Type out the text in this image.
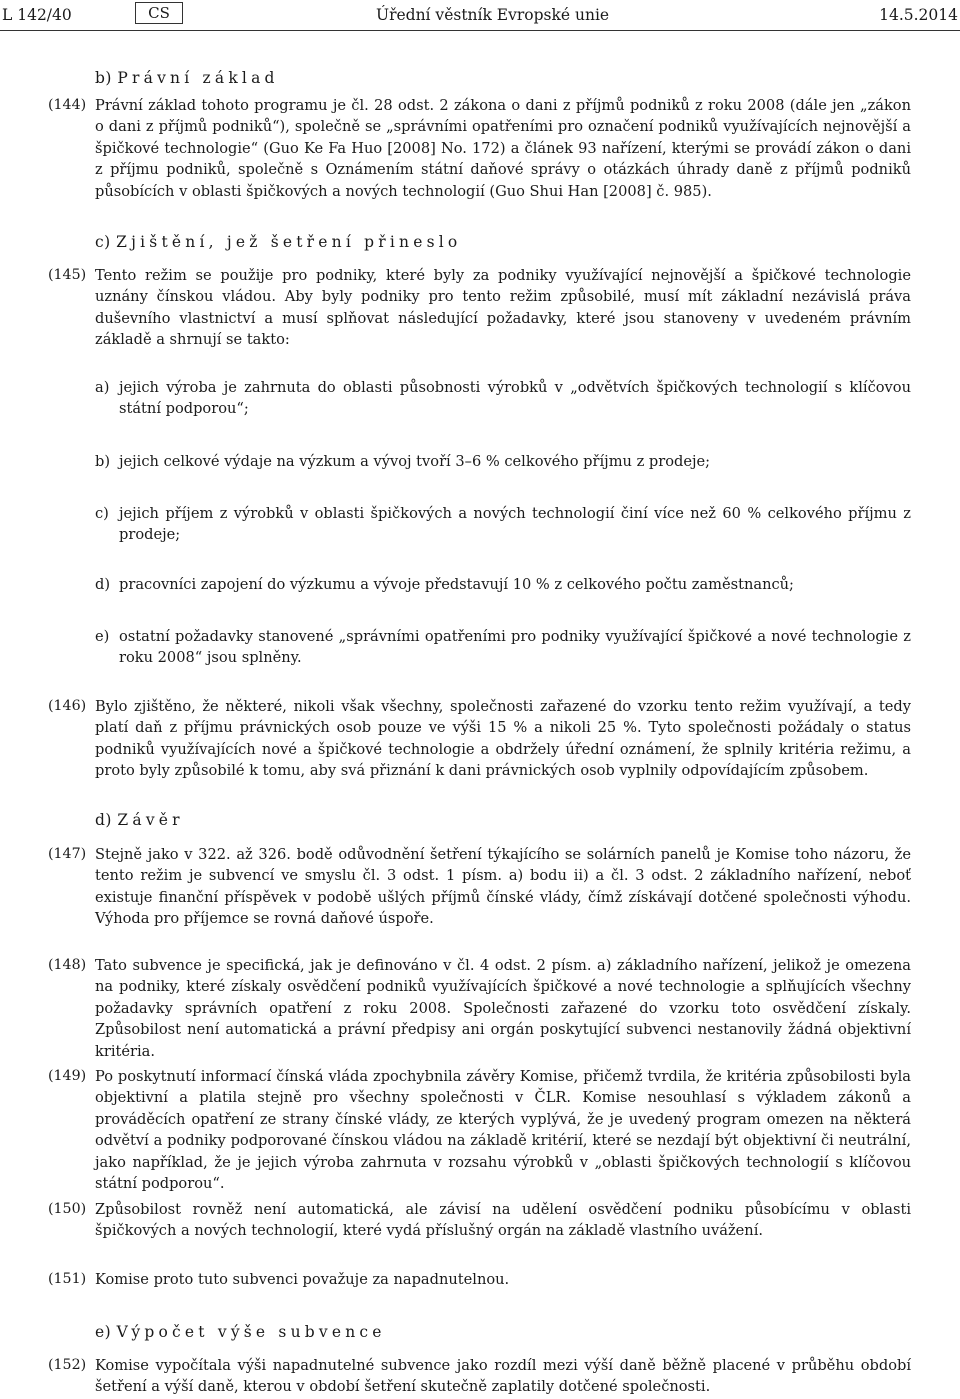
L 142/40	CS	Úřední věstník Evropské unie	14.5.2014
b) Právní základ
(144) Právní základ tohoto programu je čl. 28 odst. 2 zákona o dani z příjmů podniků z roku 2008 (dále jen „zákon o dani z příjmů podniků“), společně se „správními opatřeními pro označení podniků využívajících nejnovější a špičkové technologie“ (Guo Ke Fa Huo [2008] No. 172) a článek 93 nařízení, kterými se provádí zákon o dani z příjmu podniků, společně s Oznámením státní daňové správy o otázkách úhrady daně z příjmů podniků působících v oblasti špičkových a nových technologií (Guo Shui Han [2008] č. 985).
c) Zjištění, jež šetření přineslo
(145) Tento režim se použije pro podniky, které byly za podniky využívající nejnovější a špičkové technologie uznány čínskou vládou. Aby byly podniky pro tento režim způsobilé, musí mít základní nezávislá práva duševního vlastnictví a musí splňovat následující požadavky, které jsou stanoveny v uvedeném právním základě a shrnují se takto:
a) jejich výroba je zahrnuta do oblasti působnosti výrobků v „odvětvích špičkových technologií s klíčovou státní podporou“;
b) jejich celkové výdaje na výzkum a vývoj tvoří 3–6 % celkového příjmu z prodeje;
c) jejich příjem z výrobků v oblasti špičkových a nových technologií činí více než 60 % celkového příjmu z prodeje;
d) pracovníci zapojení do výzkumu a vývoje představují 10 % z celkového počtu zaměstnanců;
e) ostatní požadavky stanovené „správními opatřeními pro podniky využívající špičkové a nové technologie z roku 2008“ jsou splněny.
(146) Bylo zjištěno, že některé, nikoli však všechny, společnosti zařazené do vzorku tento režim využívají, a tedy platí daň z příjmu právnických osob pouze ve výši 15 % a nikoli 25 %. Tyto společnosti požádaly o status podniků využívajících nové a špičkové technologie a obdržely úřední oznámení, že splnily kritéria režimu, a proto byly způsobilé k tomu, aby svá přiznání k dani právnických osob vyplnily odpovídajícím způsobem.
d) Závěr
(147) Stejně jako v 322. až 326. bodě odůvodnění šetření týkajícího se solárních panelů je Komise toho názoru, že tento režim je subvencí ve smyslu čl. 3 odst. 1 písm. a) bodu ii) a čl. 3 odst. 2 základního nařízení, neboť existuje finanční příspěvek v podobě ušlých příjmů čínské vlády, čímž získávají dotčené společnosti výhodu. Výhoda pro příjemce se rovná daňové úspoře.
(148) Tato subvence je specifická, jak je definováno v čl. 4 odst. 2 písm. a) základního nařízení, jelikož je omezena na podniky, které získaly osvědčení podniků využívajících špičkové a nové technologie a splňujících všechny požadavky správních opatření z roku 2008. Společnosti zařazené do vzorku toto osvědčení získaly. Způsobilost není automatická a právní předpisy ani orgán poskytující subvenci nestanovily žádná objektivní kritéria.
(149) Po poskytnutí informací čínská vláda zpochybnila závěry Komise, přičemž tvrdila, že kritéria způsobilosti byla objektivní a platila stejně pro všechny společnosti v ČLR. Komise nesouhlasí s výkladem zákonů a prováděcích opatření ze strany čínské vlády, ze kterých vyplývá, že je uvedený program omezen na některá odvětví a podniky podporované čínskou vládou na základě kritérií, které se nezdají být objektivní či neutrální, jako například, že je jejich výroba zahrnuta v rozsahu výrobků v „oblasti špičkových technologií s klíčovou státní podporou“.
(150) Způsobilost rovněž není automatická, ale závisí na udělení osvědčení podniku působícímu v oblasti špičkových a nových technologií, které vydá příslušný orgán na základě vlastního uvážení.
(151) Komise proto tuto subvenci považuje za napadnutelnou.
e) Výpočet výše subvence
(152) Komise vypočítala výši napadnutelné subvence jako rozdíl mezi výší daně běžně placené v průběhu období šetření a výší daně, kterou v období šetření skutečně zaplatily dotčené společnosti.
